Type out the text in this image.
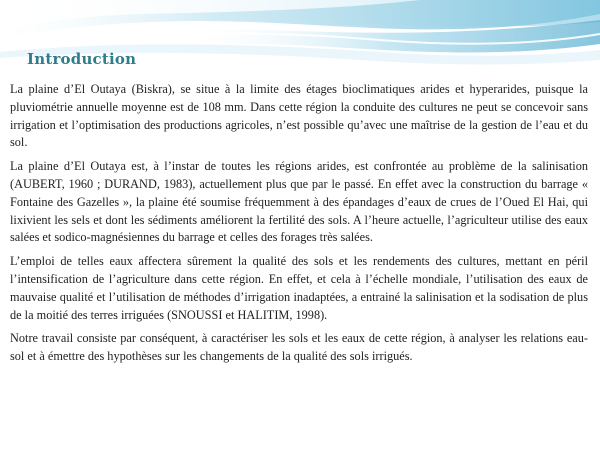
Introduction

La plaine d’El Outaya (Biskra), se situe à la limite des étages bioclimatiques arides et hyperarides, puisque la pluviométrie annuelle moyenne est de 108 mm. Dans cette région la conduite des cultures ne peut se concevoir sans irrigation et l’optimisation des productions agricoles, n’est possible qu’avec une maîtrise de la gestion de l’eau et du sol.

La plaine d’El Outaya est, à l’instar de toutes les régions arides, est confrontée au problème de la salinisation (AUBERT, 1960 ; DURAND, 1983), actuellement plus que par le passé. En effet avec la construction du barrage « Fontaine des Gazelles », la plaine été soumise fréquemment à des épandages d’eaux de crues de l’Oued El Hai, qui lixivient les sels et dont les sédiments améliorent la fertilité des sols. A l’heure actuelle, l’agriculteur utilise des eaux salées et sodico-magnésiennes du barrage et celles des forages très salées.

L’emploi de telles eaux affectera sûrement la qualité des sols et les rendements des cultures, mettant en péril l’intensification de l’agriculture dans cette région. En effet, et cela à l’échelle mondiale, l’utilisation des eaux de mauvaise qualité et l’utilisation de méthodes d’irrigation inadaptées, a entrainé la salinisation et la sodisation de plus de la moitié des terres irriguées (SNOUSSI et HALITIM, 1998).

Notre travail consiste par conséquent, à caractériser les sols et les eaux de cette région, à analyser les relations eau-sol et à émettre des hypothèses sur les changements de la qualité des sols irrigués.
